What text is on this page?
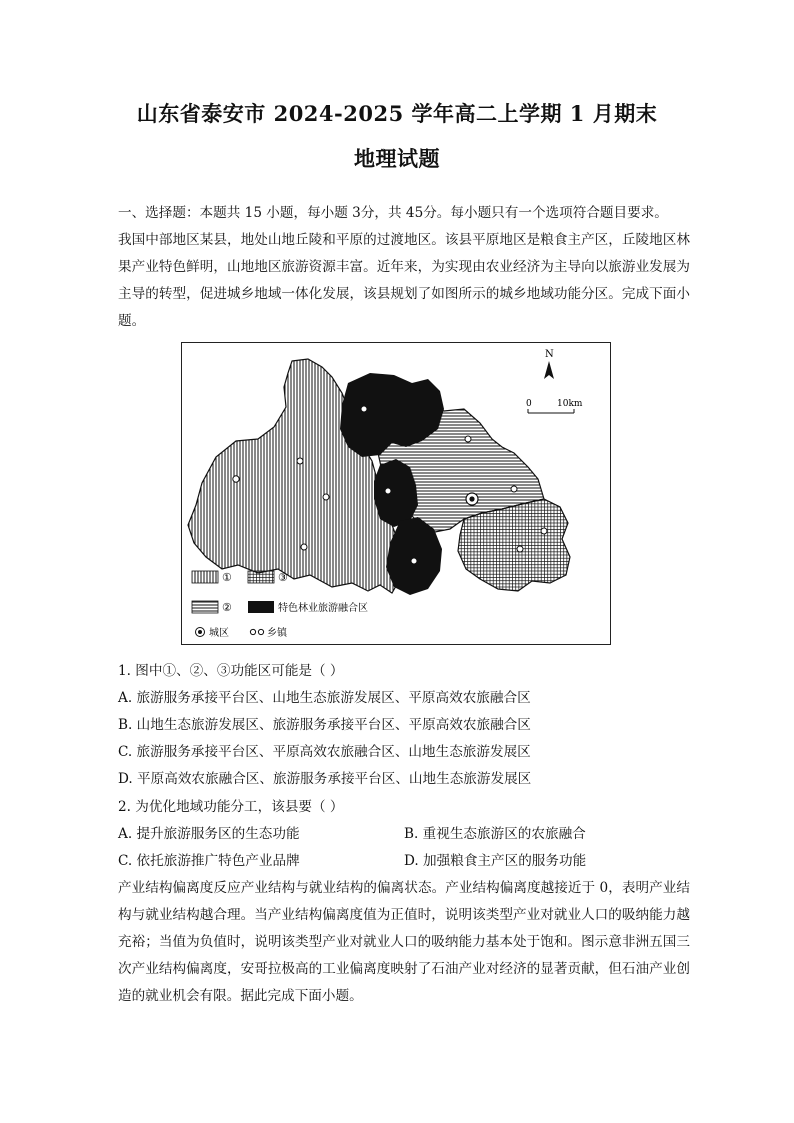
山东省泰安市 2024-2025 学年高二上学期 1 月期末
地理试题
一、选择题：本题共 15 小题，每小题 3分，共 45分。每小题只有一个选项符合题目要求。
我国中部地区某县，地处山地丘陵和平原的过渡地区。该县平原地区是粮食主产区，丘陵地区林果产业特色鲜明，山地地区旅游资源丰富。近年来，为实现由农业经济为主导向以旅游业发展为主导的转型，促进城乡地域一体化发展，该县规划了如图所示的城乡地域功能分区。完成下面小题。
N
0	10km
①	③
②	特色林业旅游融合区
城区	乡镇
1. 图中①、②、③功能区可能是（ ）
A. 旅游服务承接平台区、山地生态旅游发展区、平原高效农旅融合区
B. 山地生态旅游发展区、旅游服务承接平台区、平原高效农旅融合区
C. 旅游服务承接平台区、平原高效农旅融合区、山地生态旅游发展区
D. 平原高效农旅融合区、旅游服务承接平台区、山地生态旅游发展区
2. 为优化地域功能分工，该县要（ ）
A. 提升旅游服务区的生态功能	B. 重视生态旅游区的农旅融合
C. 依托旅游推广特色产业品牌	D. 加强粮食主产区的服务功能
产业结构偏离度反应产业结构与就业结构的偏离状态。产业结构偏离度越接近于 0，表明产业结构与就业结构越合理。当产业结构偏离度值为正值时，说明该类型产业对就业人口的吸纳能力越充裕；当值为负值时，说明该类型产业对就业人口的吸纳能力基本处于饱和。图示意非洲五国三次产业结构偏离度，安哥拉极高的工业偏离度映射了石油产业对经济的显著贡献，但石油产业创造的就业机会有限。据此完成下面小题。
